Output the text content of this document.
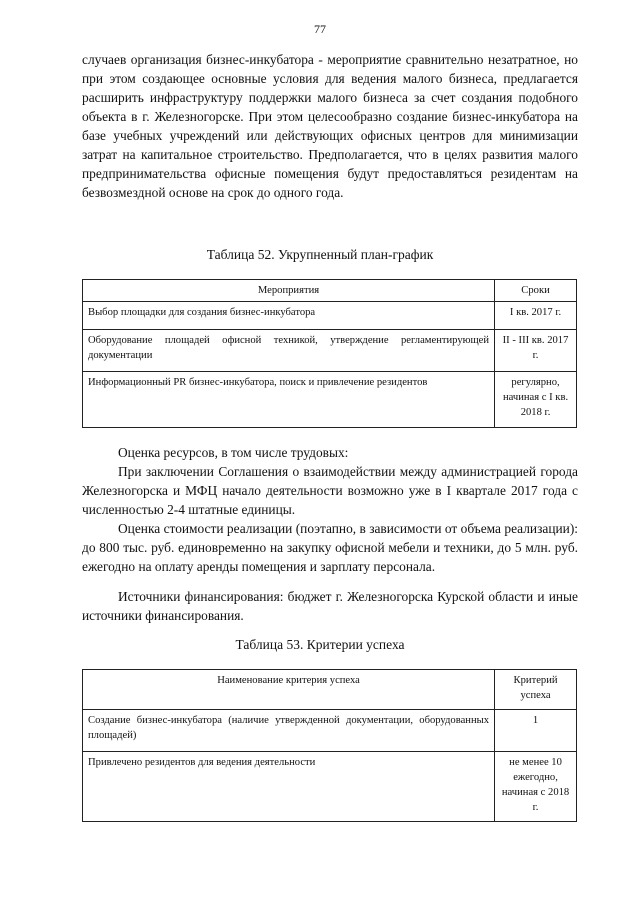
77

случаев организация бизнес-инкубатора - мероприятие сравнительно незатратное, но при этом создающее основные условия для ведения малого бизнеса, предлагается расширить инфраструктуру поддержки малого бизнеса за счет создания подобного объекта в г. Железногорске. При этом целесообразно создание бизнес-инкубатора на базе учебных учреждений или действующих офисных центров для минимизации затрат на капитальное строительство. Предполагается, что в целях развития малого предпринимательства офисные помещения будут предоставляться резидентам на безвозмездной основе на срок до одного года.

Таблица 52. Укрупненный план-график
Мероприятия	Сроки
Выбор площадки для создания бизнес-инкубатора	I кв. 2017 г.
Оборудование площадей офисной техникой, утверждение регламентирующей документации	II - III кв. 2017 г.
Информационный PR бизнес-инкубатора, поиск и привлечение резидентов	регулярно, начиная с I кв. 2018 г.

Оценка ресурсов, в том числе трудовых:

При заключении Соглашения о взаимодействии между администрацией города Железногорска и МФЦ начало деятельности возможно уже в I квартале 2017 года с численностью 2-4 штатные единицы.

Оценка стоимости реализации (поэтапно, в зависимости от объема реализации): до 800 тыс. руб. единовременно на закупку офисной мебели и техники, до 5 млн. руб. ежегодно на оплату аренды помещения и зарплату персонала.

Источники финансирования: бюджет г. Железногорска Курской области и иные источники финансирования.

Таблица 53. Критерии успеха
Наименование критерия успеха	Критерий успеха
Создание бизнес-инкубатора (наличие утвержденной документации, оборудованных площадей)	1
Привлечено резидентов для ведения деятельности	не менее 10 ежегодно, начиная с 2018 г.
